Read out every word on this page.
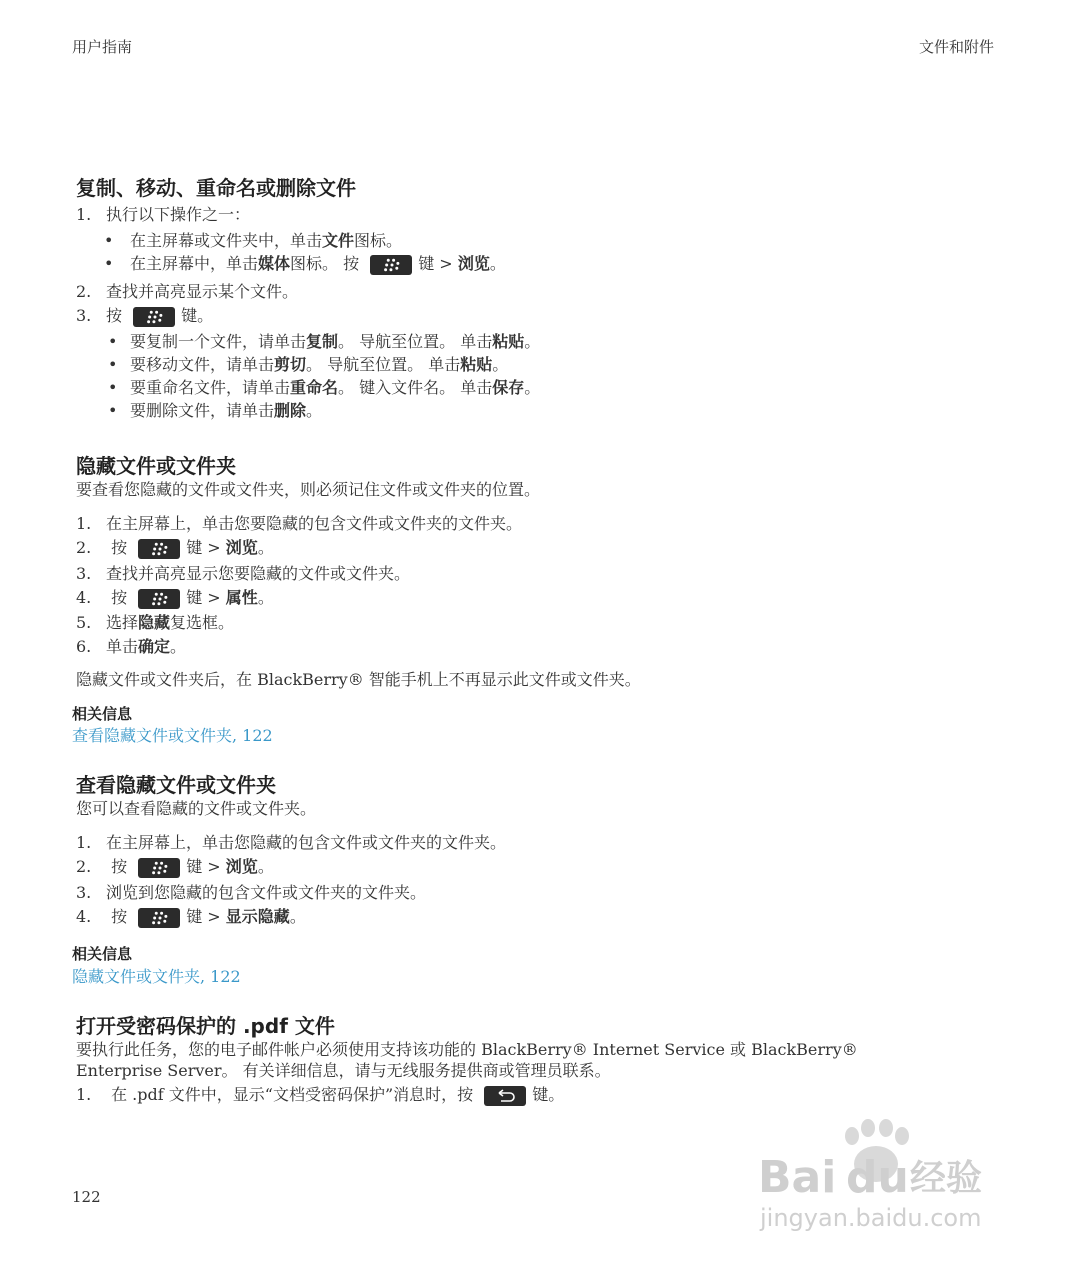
用户指南	文件和附件
122
复制、移动、重命名或删除文件
1. 执行以下操作之一：
• 在主屏幕或文件夹中，单击文件图标。
• 在主屏幕中，单击媒体图标。 按	键 > 浏览。
2. 查找并高亮显示某个文件。
3. 按	键。
• 要复制一个文件，请单击复制。 导航至位置。 单击粘贴。
• 要移动文件，请单击剪切。 导航至位置。 单击粘贴。
• 要重命名文件，请单击重命名。 键入文件名。 单击保存。
• 要删除文件，请单击删除。
隐藏文件或文件夹
要查看您隐藏的文件或文件夹，则必须记住文件或文件夹的位置。
1. 在主屏幕上，单击您要隐藏的包含文件或文件夹的文件夹。
2. 按	键 > 浏览。
3. 查找并高亮显示您要隐藏的文件或文件夹。
4. 按	键 > 属性。
5. 选择隐藏复选框。
6. 单击确定。
隐藏文件或文件夹后，在 BlackBerry® 智能手机上不再显示此文件或文件夹。
相关信息
查看隐藏文件或文件夹, 122
查看隐藏文件或文件夹
您可以查看隐藏的文件或文件夹。
1. 在主屏幕上，单击您隐藏的包含文件或文件夹的文件夹。
2. 按	键 > 浏览。
3. 浏览到您隐藏的包含文件或文件夹的文件夹。
4. 按	键 > 显示隐藏。
相关信息
隐藏文件或文件夹, 122
打开受密码保护的 .pdf 文件
要执行此任务，您的电子邮件帐户必须使用支持该功能的 BlackBerry® Internet Service 或 BlackBerry®
Enterprise Server。 有关详细信息，请与无线服务提供商或管理员联系。
1. 在 .pdf 文件中，显示“文档受密码保护”消息时，按	键。
Bai du 经验
jingyan.baidu.com
